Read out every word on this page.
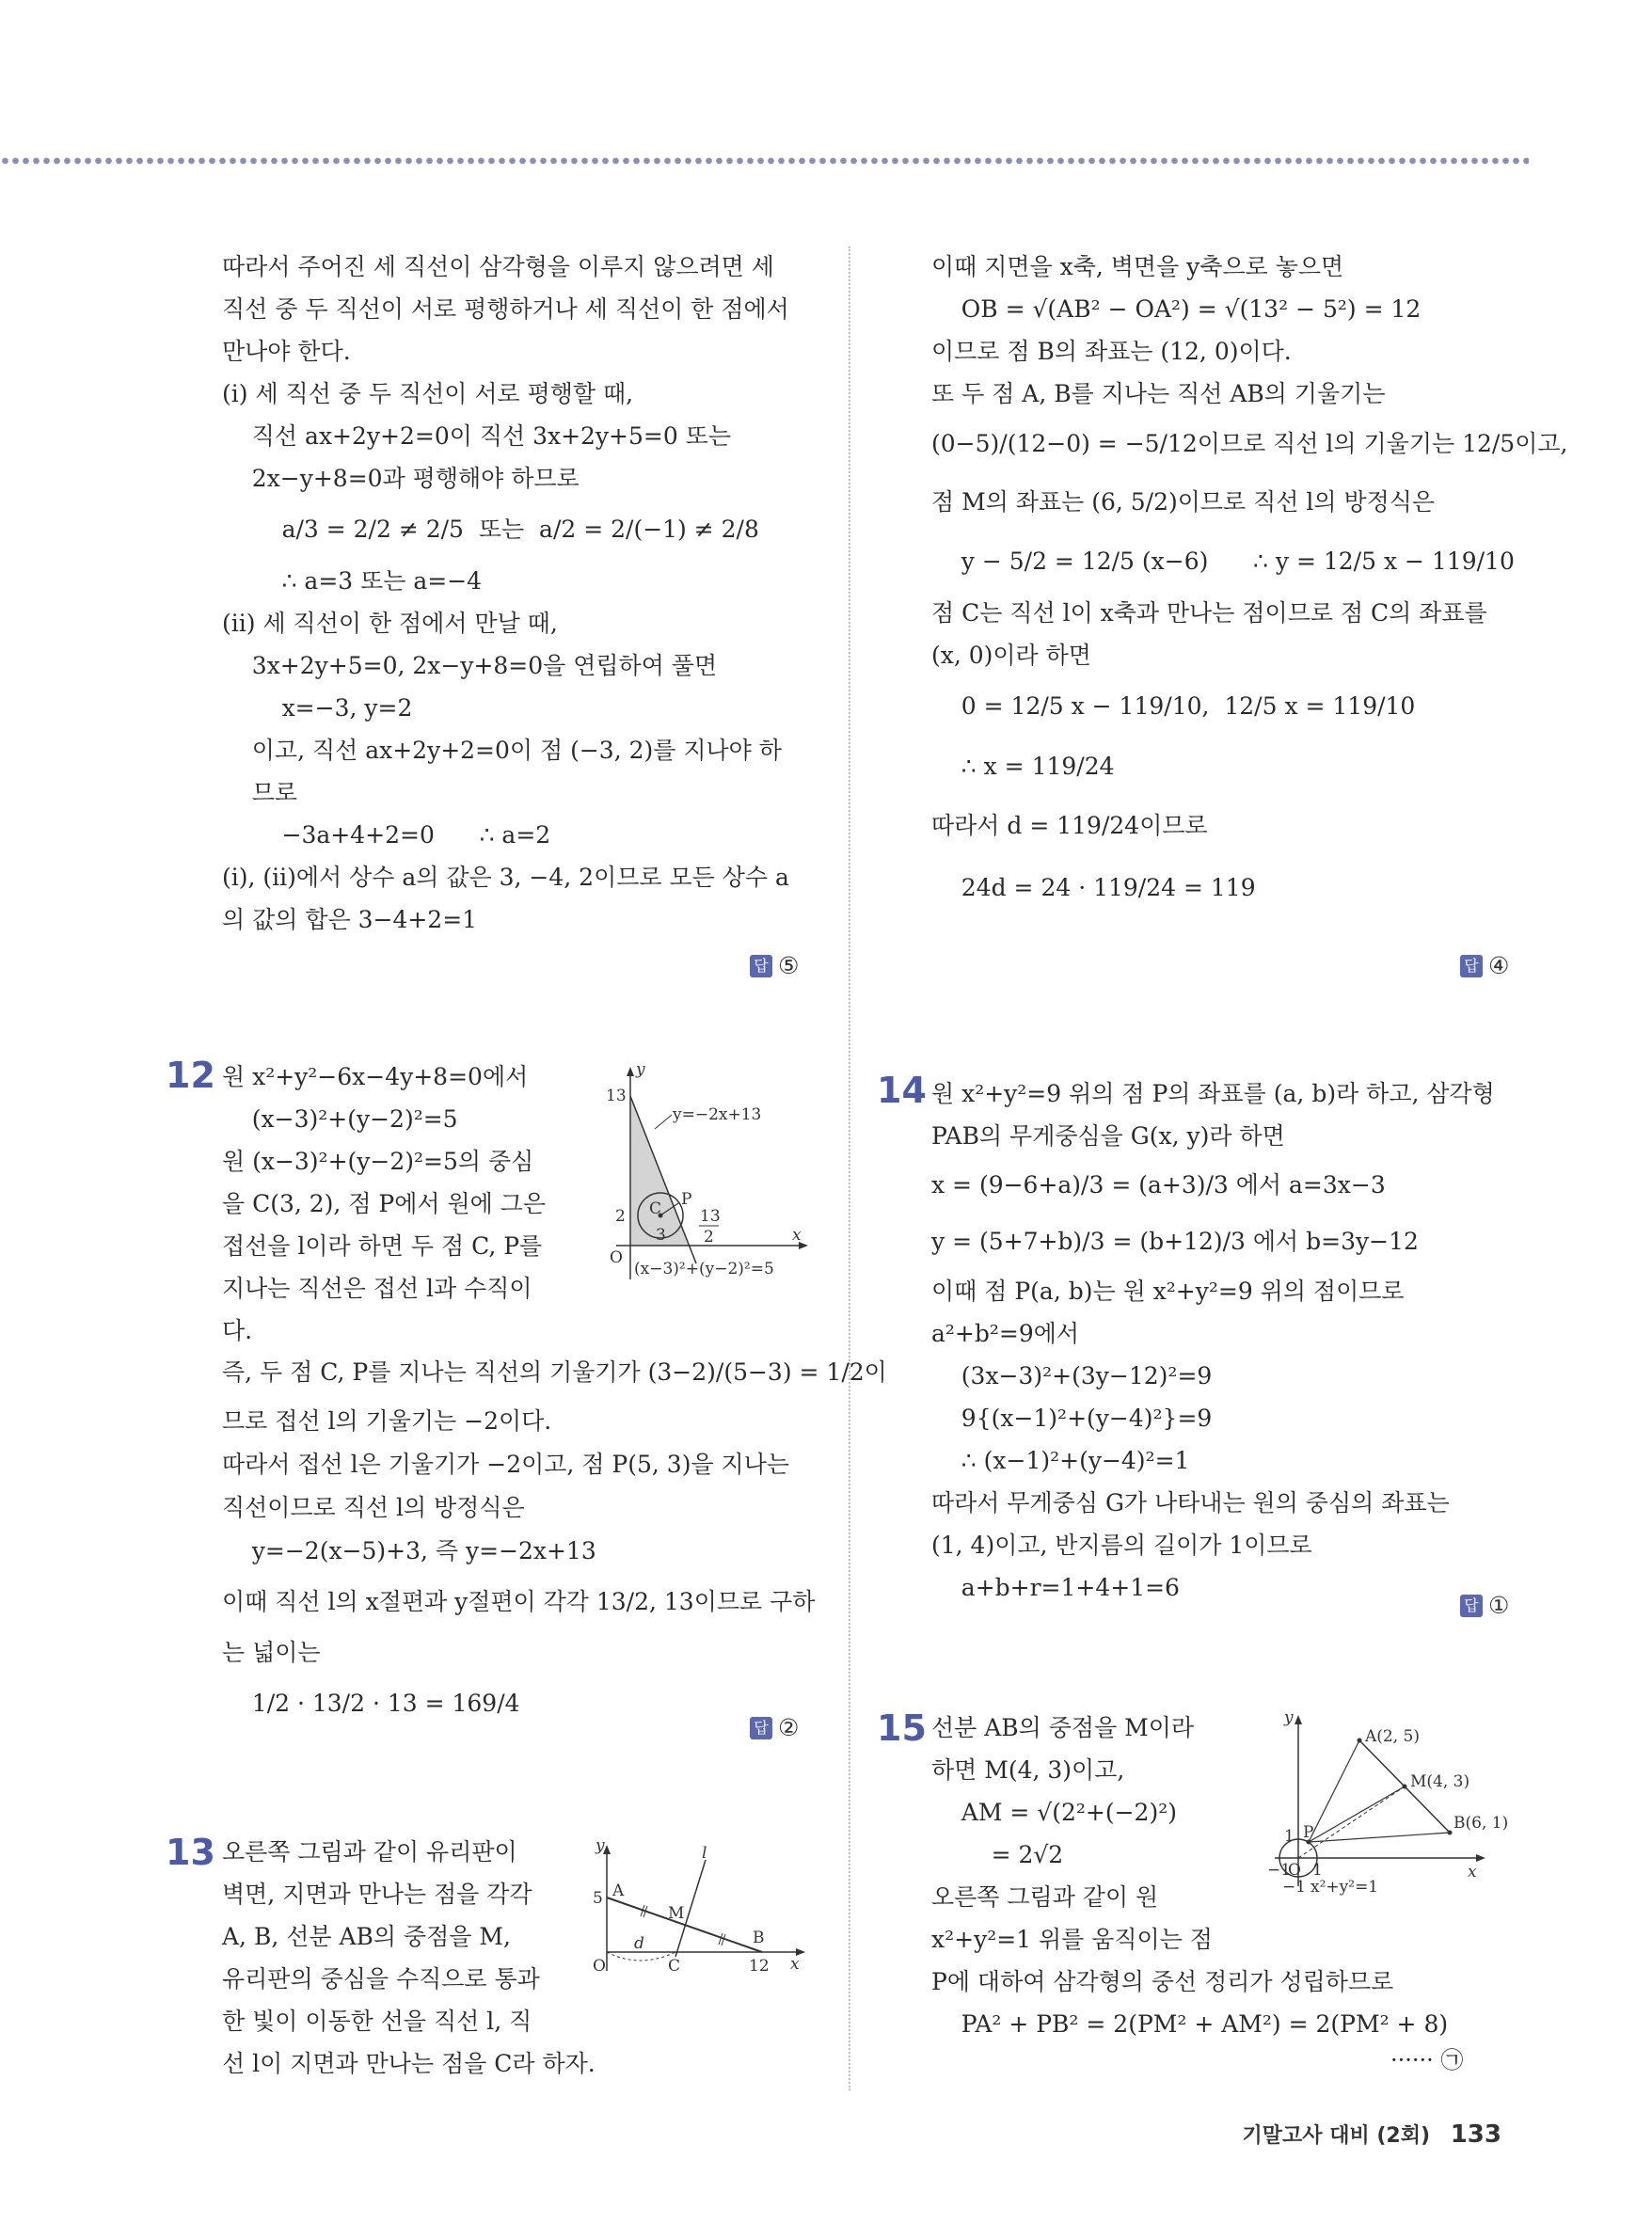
따라서 주어진 세 직선이 삼각형을 이루지 않으려면 세

직선 중 두 직선이 서로 평행하거나 세 직선이 한 점에서

만나야 한다.

(i) 세 직선 중 두 직선이 서로 평행할 때,

직선 ax+2y+2=0이 직선 3x+2y+5=0 또는

2x−y+8=0과 평행해야 하므로

a/3 = 2/2 ≠ 2/5  또는  a/2 = 2/(−1) ≠ 2/8

∴ a=3 또는 a=−4

(ii) 세 직선이 한 점에서 만날 때,

3x+2y+5=0, 2x−y+8=0을 연립하여 풀면

x=−3, y=2

이고, 직선 ax+2y+2=0이 점 (−3, 2)를 지나야 하

므로

−3a+4+2=0      ∴ a=2

(i), (ii)에서 상수 a의 값은 3, −4, 2이므로 모든 상수 a

의 값의 합은 3−4+2=1

답 ⑤
12 원 x²+y²−6x−4y+8=0에서

(x−3)²+(y−2)²=5

원 (x−3)²+(y−2)²=5의 중심

을 C(3, 2), 점 P에서 원에 그은

접선을 l이라 하면 두 점 C, P를

지나는 직선은 접선 l과 수직이

다.

y
x
O
13
2
3
13
2
y=−2x+13
C P
(x−3)²+(y−2)²=5

즉, 두 점 C, P를 지나는 직선의 기울기가 (3−2)/(5−3) = 1/2이

므로 접선 l의 기울기는 −2이다.

따라서 접선 l은 기울기가 −2이고, 점 P(5, 3)을 지나는

직선이므로 직선 l의 방정식은

y=−2(x−5)+3, 즉 y=−2x+13

이때 직선 l의 x절편과 y절편이 각각 13/2, 13이므로 구하

는 넓이는

1/2 · 13/2 · 13 = 169/4

답 ②
13 오른쪽 그림과 같이 유리판이

벽면, 지면과 만나는 점을 각각

A, B, 선분 AB의 중점을 M,

유리판의 중심을 수직으로 통과

한 빛이 이동한 선을 직선 l, 직

선 l이 지면과 만나는 점을 C라 하자.

y
x
O
5
12
A
B
M
C
d
l

이때 지면을 x축, 벽면을 y축으로 놓으면

OB = √(AB² − OA²) = √(13² − 5²) = 12

이므로 점 B의 좌표는 (12, 0)이다.

또 두 점 A, B를 지나는 직선 AB의 기울기는

(0−5)/(12−0) = −5/12이므로 직선 l의 기울기는 12/5이고,

점 M의 좌표는 (6, 5/2)이므로 직선 l의 방정식은

y − 5/2 = 12/5 (x−6)      ∴ y = 12/5 x − 119/10

점 C는 직선 l이 x축과 만나는 점이므로 점 C의 좌표를

(x, 0)이라 하면

0 = 12/5 x − 119/10,  12/5 x = 119/10

∴ x = 119/24

따라서 d = 119/24이므로

24d = 24 · 119/24 = 119

답 ④
14 원 x²+y²=9 위의 점 P의 좌표를 (a, b)라 하고, 삼각형

PAB의 무게중심을 G(x, y)라 하면

x = (9−6+a)/3 = (a+3)/3 에서 a=3x−3

y = (5+7+b)/3 = (b+12)/3 에서 b=3y−12

이때 점 P(a, b)는 원 x²+y²=9 위의 점이므로

a²+b²=9에서

(3x−3)²+(3y−12)²=9

9{(x−1)²+(y−4)²}=9

∴ (x−1)²+(y−4)²=1

따라서 무게중심 G가 나타내는 원의 중심의 좌표는

(1, 4)이고, 반지름의 길이가 1이므로

a+b+r=1+4+1=6

답 ①
15 선분 AB의 중점을 M이라

하면 M(4, 3)이고,

AM = √(2²+(−2)²)

= 2√2

오른쪽 그림과 같이 원

x²+y²=1 위를 움직이는 점

P에 대하여 삼각형의 중선 정리가 성립하므로

PA² + PB² = 2(PM² + AM²) = 2(PM² + 8)

······ ㉠
y
x
O
A(2, 5)
M(4, 3)
B(6, 1)
P
1
−1 1
−1 x²+y²=1
기말고사 대비 (2회) 133
